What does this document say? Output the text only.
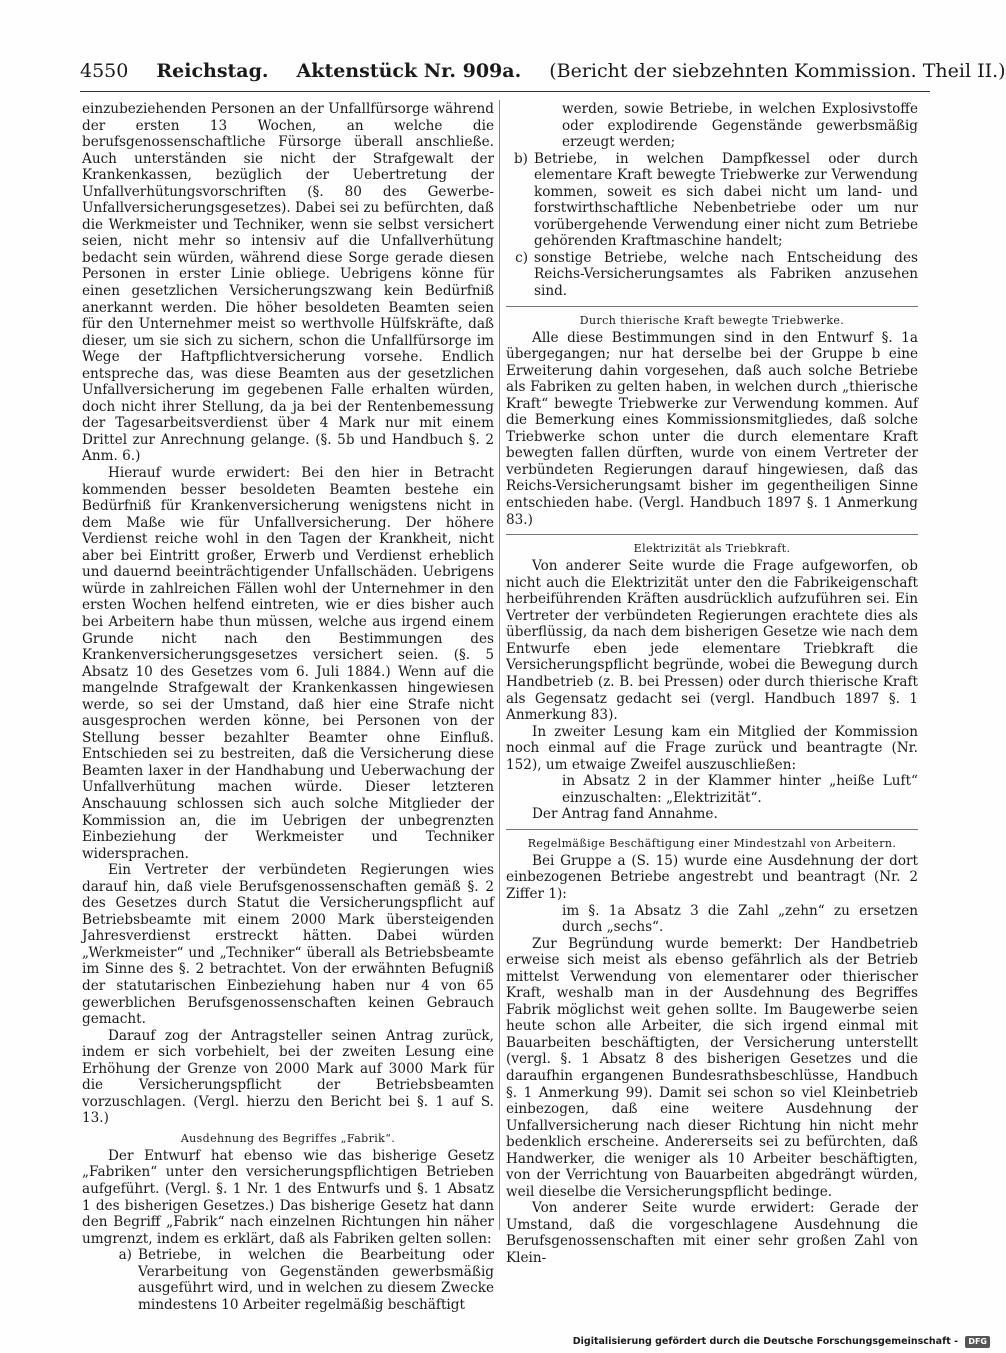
4550 Reichstag. Aktenstück Nr. 909a. (Bericht der siebzehnten Kommission. Theil II.)

einzubeziehenden Personen an der Unfallfürsorge während der ersten 13 Wochen, an welche die berufsgenossenschaftliche Fürsorge überall anschließe. Auch unterständen sie nicht der Strafgewalt der Krankenkassen, bezüglich der Uebertretung der Unfallverhütungsvorschriften (§. 80 des Gewerbe-Unfallversicherungsgesetzes). Dabei sei zu befürchten, daß die Werkmeister und Techniker, wenn sie selbst versichert seien, nicht mehr so intensiv auf die Unfallverhütung bedacht sein würden, während diese Sorge gerade diesen Personen in erster Linie obliege. Uebrigens könne für einen gesetzlichen Versicherungszwang kein Bedürfniß anerkannt werden. Die höher besoldeten Beamten seien für den Unternehmer meist so werthvolle Hülfskräfte, daß dieser, um sie sich zu sichern, schon die Unfallfürsorge im Wege der Haftpflichtversicherung vorsehe. Endlich entspreche das, was diese Beamten aus der gesetzlichen Unfallversicherung im gegebenen Falle erhalten würden, doch nicht ihrer Stellung, da ja bei der Rentenbemessung der Tagesarbeitsverdienst über 4 Mark nur mit einem Drittel zur Anrechnung gelange. (§. 5b und Handbuch §. 2 Anm. 6.)

Hierauf wurde erwidert: Bei den hier in Betracht kommenden besser besoldeten Beamten bestehe ein Bedürfniß für Krankenversicherung wenigstens nicht in dem Maße wie für Unfallversicherung. Der höhere Verdienst reiche wohl in den Tagen der Krankheit, nicht aber bei Eintritt großer, Erwerb und Verdienst erheblich und dauernd beeinträchtigender Unfallschäden. Uebrigens würde in zahlreichen Fällen wohl der Unternehmer in den ersten Wochen helfend eintreten, wie er dies bisher auch bei Arbeitern habe thun müssen, welche aus irgend einem Grunde nicht nach den Bestimmungen des Krankenversicherungsgesetzes versichert seien. (§. 5 Absatz 10 des Gesetzes vom 6. Juli 1884.) Wenn auf die mangelnde Strafgewalt der Krankenkassen hingewiesen werde, so sei der Umstand, daß hier eine Strafe nicht ausgesprochen werden könne, bei Personen von der Stellung besser bezahlter Beamter ohne Einfluß. Entschieden sei zu bestreiten, daß die Versicherung diese Beamten laxer in der Handhabung und Ueberwachung der Unfallverhütung machen würde. Dieser letzteren Anschauung schlossen sich auch solche Mitglieder der Kommission an, die im Uebrigen der unbegrenzten Einbeziehung der Werkmeister und Techniker widersprachen.

Ein Vertreter der verbündeten Regierungen wies darauf hin, daß viele Berufsgenossenschaften gemäß §. 2 des Gesetzes durch Statut die Versicherungspflicht auf Betriebsbeamte mit einem 2000 Mark übersteigenden Jahresverdienst erstreckt hätten. Dabei würden „Werkmeister“ und „Techniker“ überall als Betriebsbeamte im Sinne des §. 2 betrachtet. Von der erwähnten Befugniß der statutarischen Einbeziehung haben nur 4 von 65 gewerblichen Berufsgenossenschaften keinen Gebrauch gemacht.

Darauf zog der Antragsteller seinen Antrag zurück, indem er sich vorbehielt, bei der zweiten Lesung eine Erhöhung der Grenze von 2000 Mark auf 3000 Mark für die Versicherungspflicht der Betriebsbeamten vorzuschlagen. (Vergl. hierzu den Bericht bei §. 1 auf S. 13.)

Ausdehnung des Begriffes „Fabrik“.

Der Entwurf hat ebenso wie das bisherige Gesetz „Fabriken“ unter den versicherungspflichtigen Betrieben aufgeführt. (Vergl. §. 1 Nr. 1 des Entwurfs und §. 1 Absatz 1 des bisherigen Gesetzes.) Das bisherige Gesetz hat dann den Begriff „Fabrik“ nach einzelnen Richtungen hin näher umgrenzt, indem es erklärt, daß als Fabriken gelten sollen:

a) Betriebe, in welchen die Bearbeitung oder Verarbeitung von Gegenständen gewerbsmäßig ausgeführt wird, und in welchen zu diesem Zwecke mindestens 10 Arbeiter regelmäßig beschäftigt
werden, sowie Betriebe, in welchen Explosivstoffe oder explodirende Gegenstände gewerbsmäßig erzeugt werden;
b) Betriebe, in welchen Dampfkessel oder durch elementare Kraft bewegte Triebwerke zur Verwendung kommen, soweit es sich dabei nicht um land- und forstwirthschaftliche Nebenbetriebe oder um nur vorübergehende Verwendung einer nicht zum Betriebe gehörenden Kraftmaschine handelt;
c) sonstige Betriebe, welche nach Entscheidung des Reichs-Versicherungsamtes als Fabriken anzusehen sind.
Durch thierische Kraft bewegte Triebwerke.

Alle diese Bestimmungen sind in den Entwurf §. 1a übergegangen; nur hat derselbe bei der Gruppe b eine Erweiterung dahin vorgesehen, daß auch solche Betriebe als Fabriken zu gelten haben, in welchen durch „thierische Kraft“ bewegte Triebwerke zur Verwendung kommen. Auf die Bemerkung eines Kommissionsmitgliedes, daß solche Triebwerke schon unter die durch elementare Kraft bewegten fallen dürften, wurde von einem Vertreter der verbündeten Regierungen darauf hingewiesen, daß das Reichs-Versicherungsamt bisher im gegentheiligen Sinne entschieden habe. (Vergl. Handbuch 1897 §. 1 Anmerkung 83.)

Elektrizität als Triebkraft.

Von anderer Seite wurde die Frage aufgeworfen, ob nicht auch die Elektrizität unter den die Fabrikeigenschaft herbeiführenden Kräften ausdrücklich aufzuführen sei. Ein Vertreter der verbündeten Regierungen erachtete dies als überflüssig, da nach dem bisherigen Gesetze wie nach dem Entwurfe eben jede elementare Triebkraft die Versicherungspflicht begründe, wobei die Bewegung durch Handbetrieb (z. B. bei Pressen) oder durch thierische Kraft als Gegensatz gedacht sei (vergl. Handbuch 1897 §. 1 Anmerkung 83).

In zweiter Lesung kam ein Mitglied der Kommission noch einmal auf die Frage zurück und beantragte (Nr. 152), um etwaige Zweifel auszuschließen:

in Absatz 2 in der Klammer hinter „heiße Luft“ einzuschalten: „Elektrizität“.

Der Antrag fand Annahme.

Regelmäßige Beschäftigung einer Mindestzahl von Arbeitern.

Bei Gruppe a (S. 15) wurde eine Ausdehnung der dort einbezogenen Betriebe angestrebt und beantragt (Nr. 2 Ziffer 1):

im §. 1a Absatz 3 die Zahl „zehn“ zu ersetzen durch „sechs“.

Zur Begründung wurde bemerkt: Der Handbetrieb erweise sich meist als ebenso gefährlich als der Betrieb mittelst Verwendung von elementarer oder thierischer Kraft, weshalb man in der Ausdehnung des Begriffes Fabrik möglichst weit gehen sollte. Im Baugewerbe seien heute schon alle Arbeiter, die sich irgend einmal mit Bauarbeiten beschäftigten, der Versicherung unterstellt (vergl. §. 1 Absatz 8 des bisherigen Gesetzes und die daraufhin ergangenen Bundesrathsbeschlüsse, Handbuch §. 1 Anmerkung 99). Damit sei schon so viel Kleinbetrieb einbezogen, daß eine weitere Ausdehnung der Unfallversicherung nach dieser Richtung hin nicht mehr bedenklich erscheine. Andererseits sei zu befürchten, daß Handwerker, die weniger als 10 Arbeiter beschäftigten, von der Verrichtung von Bauarbeiten abgedrängt würden, weil dieselbe die Versicherungspflicht bedinge.

Von anderer Seite wurde erwidert: Gerade der Umstand, daß die vorgeschlagene Ausdehnung die Berufsgenossenschaften mit einer sehr großen Zahl von Klein-

Digitalisierung gefördert durch die Deutsche Forschungsgemeinschaft - DFG
